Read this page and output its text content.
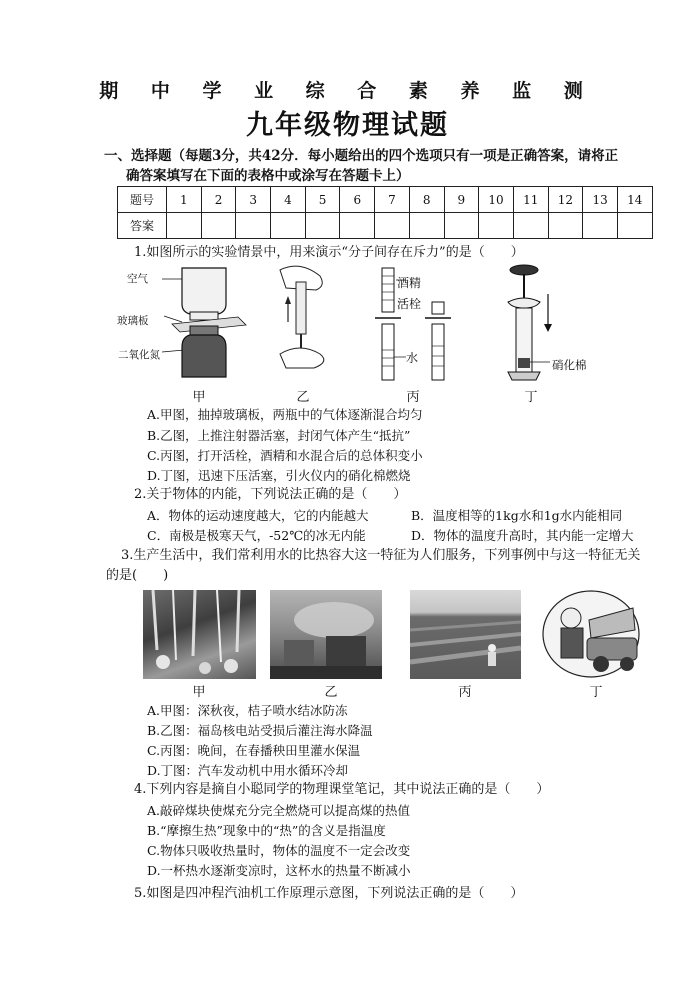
期 中 学 业 综 合 素 养 监 测
九年级物理试题
一、选择题（每题3分，共42分．每小题给出的四个选项只有一项是正确答案，请将正
确答案填写在下面的表格中或涂写在答题卡上）
题号	1	2	3	4	5	6	7	8	9	10	11	12	13	14
答案														
1.如图所示的实验情景中，用来演示“分子间存在斥力”的是（　　）
空气
玻璃板
二氧化氮
酒精
活栓
水	硝化棉
甲	乙	丙	丁
A.甲图，抽掉玻璃板，两瓶中的气体逐渐混合均匀
B.乙图，上推注射器活塞，封闭气体产生“抵抗”
C.丙图，打开活栓，酒精和水混合后的总体积变小
D.丁图，迅速下压活塞，引火仪内的硝化棉燃烧
2.关于物体的内能，下列说法正确的是（　　）
A．物体的运动速度越大，它的内能越大	B．温度相等的1kg水和1g水内能相同
C．南极是极寒天气，-52℃的冰无内能	D．物体的温度升高时，其内能一定增大
3.生产生活中，我们常利用水的比热容大这一特征为人们服务，下列事例中与这一特征无关
的是(　　)
甲	乙	丙	丁
A.甲图：深秋夜，桔子喷水结冰防冻
B.乙图：福岛核电站受损后灌注海水降温
C.丙图：晚间，在春播秧田里灌水保温
D.丁图：汽车发动机中用水循环冷却
4.下列内容是摘自小聪同学的物理课堂笔记，其中说法正确的是（　　）
A.敲碎煤块使煤充分完全燃烧可以提高煤的热值
B.“摩擦生热”现象中的“热”的含义是指温度
C.物体只吸收热量时，物体的温度不一定会改变
D.一杯热水逐渐变凉时，这杯水的热量不断减小
5.如图是四冲程汽油机工作原理示意图，下列说法正确的是（　　）
